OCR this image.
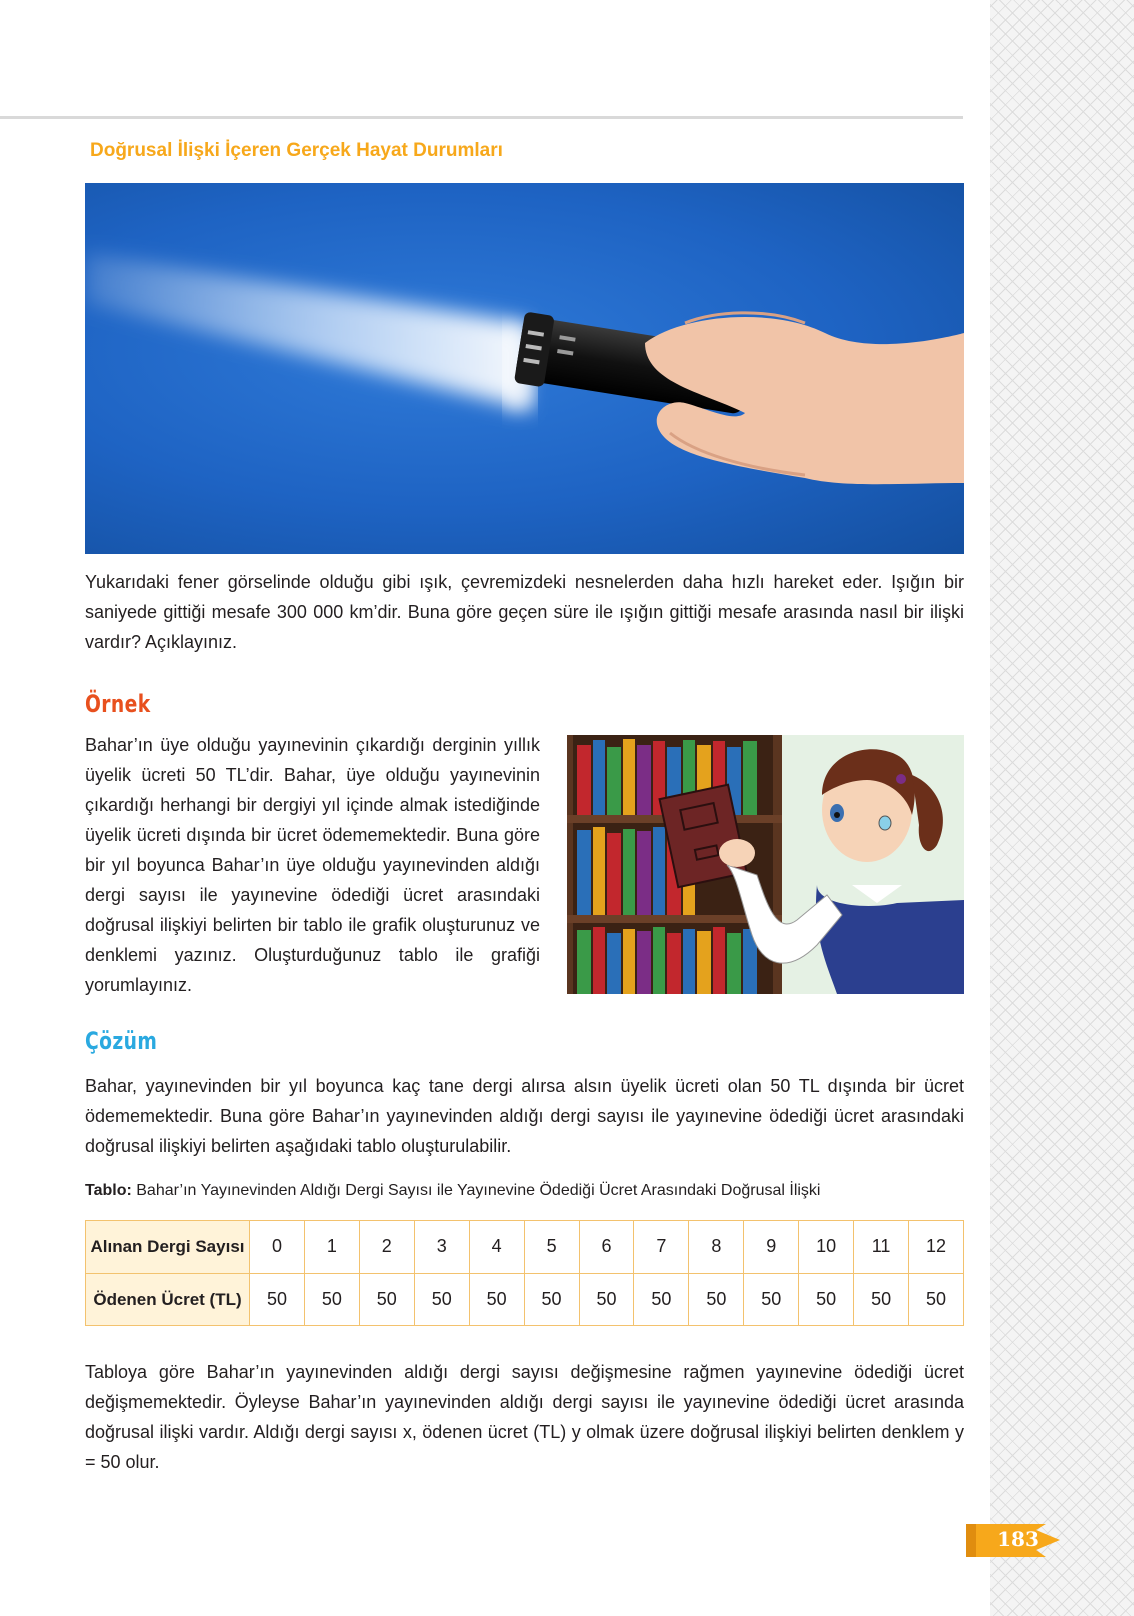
Doğrusal İlişki İçeren Gerçek Hayat Durumları

Yukarıdaki fener görselinde olduğu gibi ışık, çevremizdeki nesnelerden daha hızlı hareket eder. Işığın bir saniyede gittiği mesafe 300 000 km’dir. Buna göre geçen süre ile ışığın gittiği mesafe arasında nasıl bir ilişki vardır? Açıklayınız.

Örnek

Bahar’ın üye olduğu yayınevinin çıkardığı derginin yıllık üyelik ücreti 50 TL’dir. Bahar, üye olduğu yayınevinin çıkardığı herhangi bir dergiyi yıl içinde almak istediğinde üyelik ücreti dışında bir ücret ödememektedir. Buna göre bir yıl boyunca Bahar’ın üye olduğu yayınevinden aldığı dergi sayısı ile yayınevine ödediği ücret arasındaki doğrusal ilişkiyi belirten bir tablo ile grafik oluşturunuz ve denklemi yazınız. Oluşturduğunuz tablo ile grafiği yorumlayınız.

Çözüm

Bahar, yayınevinden bir yıl boyunca kaç tane dergi alırsa alsın üyelik ücreti olan 50 TL dışında bir ücret ödememektedir. Buna göre Bahar’ın yayınevinden aldığı dergi sayısı ile yayınevine ödediği ücret arasındaki doğrusal ilişkiyi belirten aşağıdaki tablo oluşturulabilir.

Tablo: Bahar’ın Yayınevinden Aldığı Dergi Sayısı ile Yayınevine Ödediği Ücret Arasındaki Doğrusal İlişki

Alınan Dergi Sayısı	0	1	2	3	4	5	6	7	8	9	10	11	12
Ödenen Ücret (TL)	50	50	50	50	50	50	50	50	50	50	50	50	50

Tabloya göre Bahar’ın yayınevinden aldığı dergi sayısı değişmesine rağmen yayınevine ödediği ücret değişmemektedir. Öyleyse Bahar’ın yayınevinden aldığı dergi sayısı ile yayınevine ödediği ücret arasında doğrusal ilişki vardır. Aldığı dergi sayısı x, ödenen ücret (TL) y olmak üzere doğrusal ilişkiyi belirten denklem y = 50 olur.

183
